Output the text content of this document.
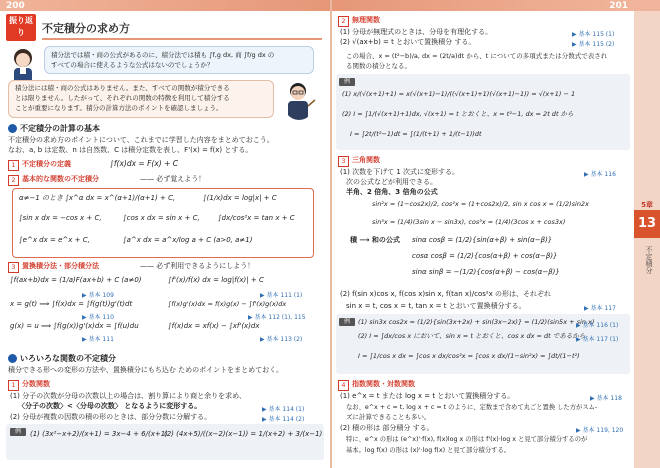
200
振り返り	不定積分の求め方
積分法では積・商の公式があるのに、積分法では積も ∫f,g dx, 商 ∫f/g dx の
すべての場合に使えるような公式はないのでしょうか？
積分法には積・商の公式はありません。また、すべての関数が積分できる
とは限りません。したがって、それぞれの関数の特徴を利用して積分する
ことが重要になります。積分の計算方法のポイントを確認しましょう。
不定積分の計算の基本
不定積分の求め方のポイントについて、これまでに学習した内容をまとめておこう。
なお、a, b は定数、n は自然数、C は積分定数を表し、F'(x) = f(x) とする。
1 不定積分の定義	∫f(x)dx = F(x) + C
2 基本的な関数の不定積分	—— 必ず覚えよう！
α≠−1 のとき ∫x^α dx = x^(α+1)/(α+1) + C,	∫(1/x)dx = log|x| + C
∫sin x dx = −cos x + C,	∫cos x dx = sin x + C,	∫dx/cos²x = tan x + C
∫e^x dx = e^x + C,	∫a^x dx = a^x/log a + C (a>0, a≠1)
3 置換積分法・部分積分法	—— 必ず利用できるようにしよう！
∫f(ax+b)dx = (1/a)F(ax+b) + C (a≠0)	∫f'(x)/f(x) dx = log|f(x)| + C
▶ 基本 109	▶ 基本 111 (1)
x = g(t) ⟹ ∫f(x)dx = ∫f(g(t))g'(t)dt	∫f(x)g'(x)dx = f(x)g(x) − ∫f'(x)g(x)dx
▶ 基本 110	▶ 基本 112 (1), 115
g(x) = u ⟹ ∫f(g(x))g'(x)dx = ∫f(u)du	∫f(x)dx = xf(x) − ∫xf'(x)dx
▶ 基本 111	▶ 基本 113 (2)
いろいろな関数の不定積分
積分できる形への変形の方法や、置換積分にもち込む ためのポイントをまとめておく。
1 分数関数
(1) 分子の次数が分母の次数以上の場合は、割り算により商と余りを求め、
〈分子の次数〉<〈分母の次数〉 となるように変形する。	▶ 基本 114 (1)
(2) 分母が複数の因数の積の形のときは、部分分数に分解する。	▶ 基本 114 (2)
例	(1) (3x²−x+2)/(x+1) = 3x−4 + 6/(x+1)
(2) (4x+5)/((x−2)(x−1)) = 1/(x+2) + 3/(x−1)
201
2 無理関数
(1) 分母が無理式のときは、分母を有理化する。	▶ 基本 115 (1)
(2) √(ax+b) = t とおいて置換積分 する。	▶ 基本 115 (2)
この場合、x = (t²−b)/a, dx = (2t/a)dt から、t についての多項式または分数式で表され
る関数の積分となる。
例
(1) x/(√(x+1)+1) = x(√(x+1)−1)/((√(x+1)+1)(√(x+1)−1)) = √(x+1) − 1
(2) I = ∫1/(√(x+1)+1)dx, √(x+1) = t とおくと、x = t²−1, dx = 2t dt から
I = ∫2t/(t²−1)dt = ∫(1/(t+1) + 1/(t−1))dt
3 三角関数
(1) 次数を下げて 1 次式に変形する。	▶ 基本 116
次の公式などが利用できる。
半角、2 倍角、3 倍角の公式
sin²x = (1−cos2x)/2, cos²x = (1+cos2x)/2, sin x cos x = (1/2)sin2x
sin³x = (1/4)(3sin x − sin3x), cos³x = (1/4)(3cos x + cos3x)
積 ⟶ 和の公式 sinα cosβ = (1/2){sin(α+β) + sin(α−β)}
cosα cosβ = (1/2){cos(α+β) + cos(α−β)}
sinα sinβ = −(1/2){cos(α+β) − cos(α−β)}
(2) f(sin x)cos x, f(cos x)sin x, f(tan x)/cos²x の形は、それぞれ
sin x = t, cos x = t, tan x = t とおいて置換積分する。	▶ 基本 117
例	(1) sin3x cos2x = (1/2){sin(3x+2x) + sin(3x−2x)} = (1/2)(sin5x + sin x)
(2) I = ∫dx/cos x において、sin x = t とおくと、cos x dx = dt であるから
I = ∫1/cos x dx = ∫cos x dx/cos²x = ∫cos x dx/(1−sin²x) = ∫dt/(1−t²)
▶ 基本 116 (1)
▶ 基本 117 (1)
4 指数関数・対数関数
(1) e^x = t または log x = t とおいて置換積分する。	▶ 基本 118
なお、e^x + c = t, log x + c = t のように、定数まで含めて丸ごと置換 した方がスム-
ズに計算できることも多い。
(2) 積の形は 部分積分 する。	▶ 基本 119, 120
特に、e^x の形は (e^x)'·f(x), f(x)log x の形は f'(x)·log x と見て部分積分するのが
基本。log f(x) の形は (x)'·log f(x) と見て部分積分する。
5章
13
不定積分
